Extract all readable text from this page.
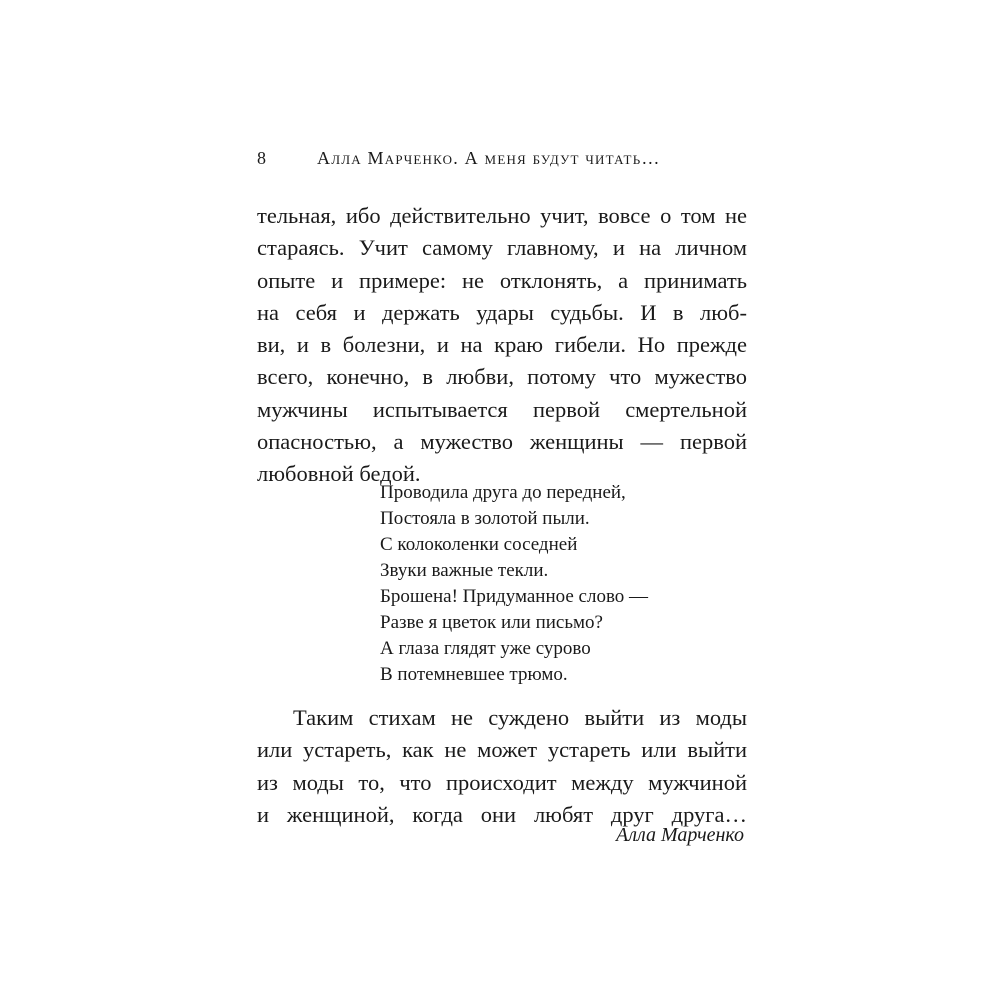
8	Алла Марченко. А меня будут читать…
тельная, ибо действительно учит, вовсе о том не
стараясь. Учит самому главному, и на личном
опыте и примере: не отклонять, а принимать
на себя и держать удары судьбы. И в люб-
ви, и в болезни, и на краю гибели. Но прежде
всего, конечно, в любви, потому что мужество
мужчины испытывается первой смертельной
опасностью, а мужество женщины — первой
любовной бедой.
Проводила друга до передней,
Постояла в золотой пыли.
С колоколенки соседней
Звуки важные текли.
Брошена! Придуманное слово —
Разве я цветок или письмо?
А глаза глядят уже сурово
В потемневшее трюмо.
Таким стихам не суждено выйти из моды
или устареть, как не может устареть или выйти
из моды то, что происходит между мужчиной
и женщиной, когда они любят друг друга…
Алла Марченко
